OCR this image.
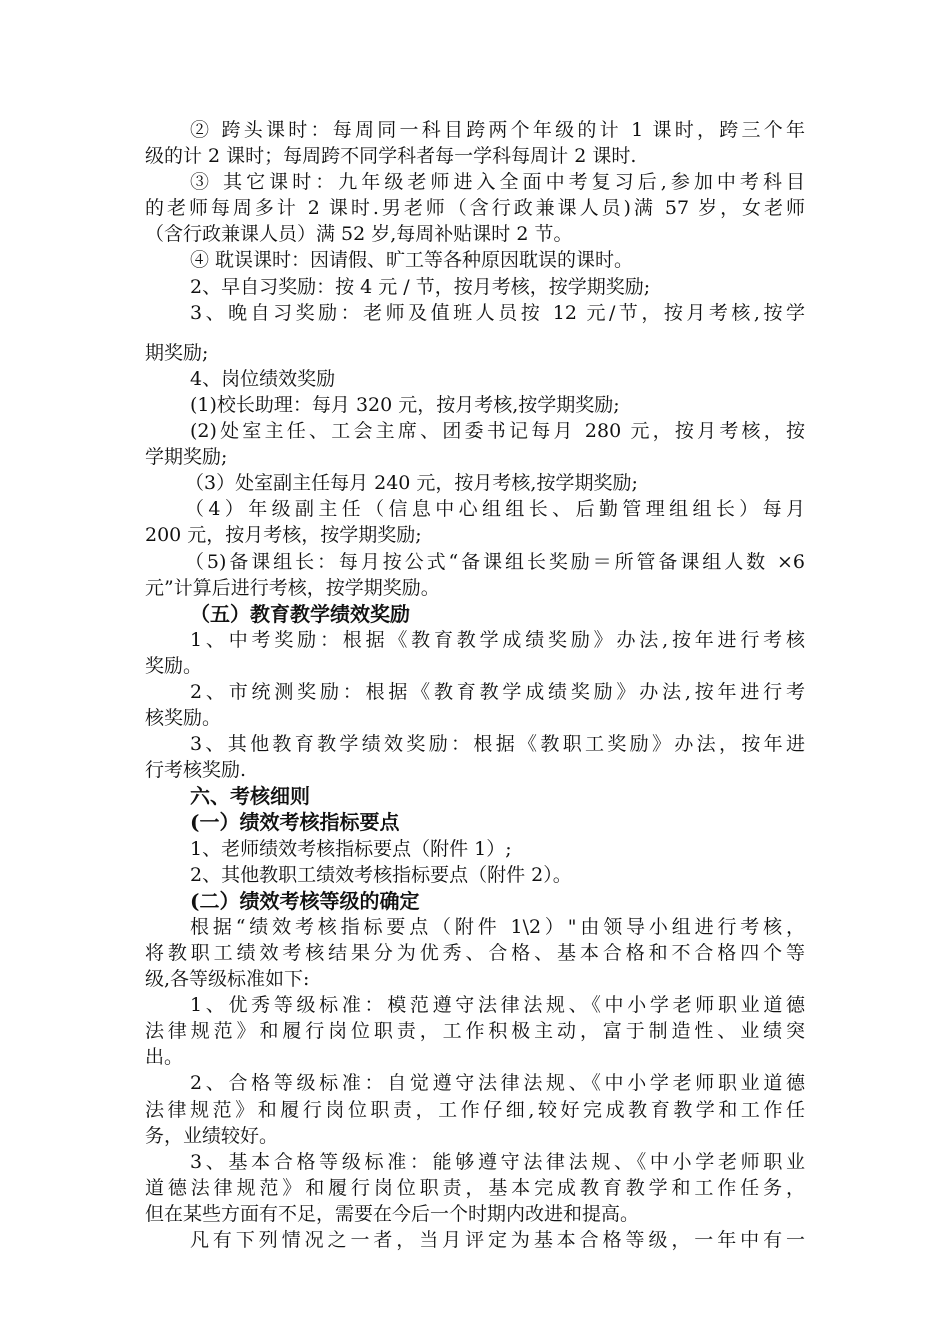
② 跨头课时：每周同一科目跨两个年级的计 1 课时，跨三个年
级的计 2 课时；每周跨不同学科者每一学科每周计 2 课时.
③ 其它课时：九年级老师进入全面中考复习后,参加中考科目
的老师每周多计 2 课时.男老师（含行政兼课人员)满 57 岁，女老师
（含行政兼课人员）满 52 岁,每周补贴课时 2 节。
④ 耽误课时：因请假、旷工等各种原因耽误的课时。
2、早自习奖励：按 4 元 / 节，按月考核，按学期奖励;
3、晚自习奖励：老师及值班人员按 12 元/节，按月考核,按学
期奖励;
4、岗位绩效奖励
(1)校长助理：每月 320 元，按月考核,按学期奖励;
(2)处室主任、工会主席、团委书记每月 280 元，按月考核，按
学期奖励;
（3）处室副主任每月 240 元，按月考核,按学期奖励;
（4）年级副主任（信息中心组组长、后勤管理组组长）每月
200 元，按月考核，按学期奖励;
（5)备课组长：每月按公式“备课组长奖励＝所管备课组人数 ×6
元”计算后进行考核，按学期奖励。
（五）教育教学绩效奖励
1、中考奖励：根据《教育教学成绩奖励》办法,按年进行考核
奖励。
2、市统测奖励：根据《教育教学成绩奖励》办法,按年进行考
核奖励。
3、其他教育教学绩效奖励：根据《教职工奖励》办法，按年进
行考核奖励.
六、考核细则
(一）绩效考核指标要点
1、老师绩效考核指标要点（附件 1）;
2、其他教职工绩效考核指标要点（附件 2）。
(二）绩效考核等级的确定
根据“绩效考核指标要点（附件 1\2）"由领导小组进行考核，
将教职工绩效考核结果分为优秀、合格、基本合格和不合格四个等
级,各等级标准如下:
1、优秀等级标准：模范遵守法律法规、《中小学老师职业道德
法律规范》和履行岗位职责，工作积极主动，富于制造性、业绩突
出。
2、合格等级标准：自觉遵守法律法规、《中小学老师职业道德
法律规范》和履行岗位职责，工作仔细,较好完成教育教学和工作任
务，业绩较好。
3、基本合格等级标准：能够遵守法律法规、《中小学老师职业
道德法律规范》和履行岗位职责，基本完成教育教学和工作任务，
但在某些方面有不足，需要在今后一个时期内改进和提高。
凡有下列情况之一者，当月评定为基本合格等级，一年中有一
